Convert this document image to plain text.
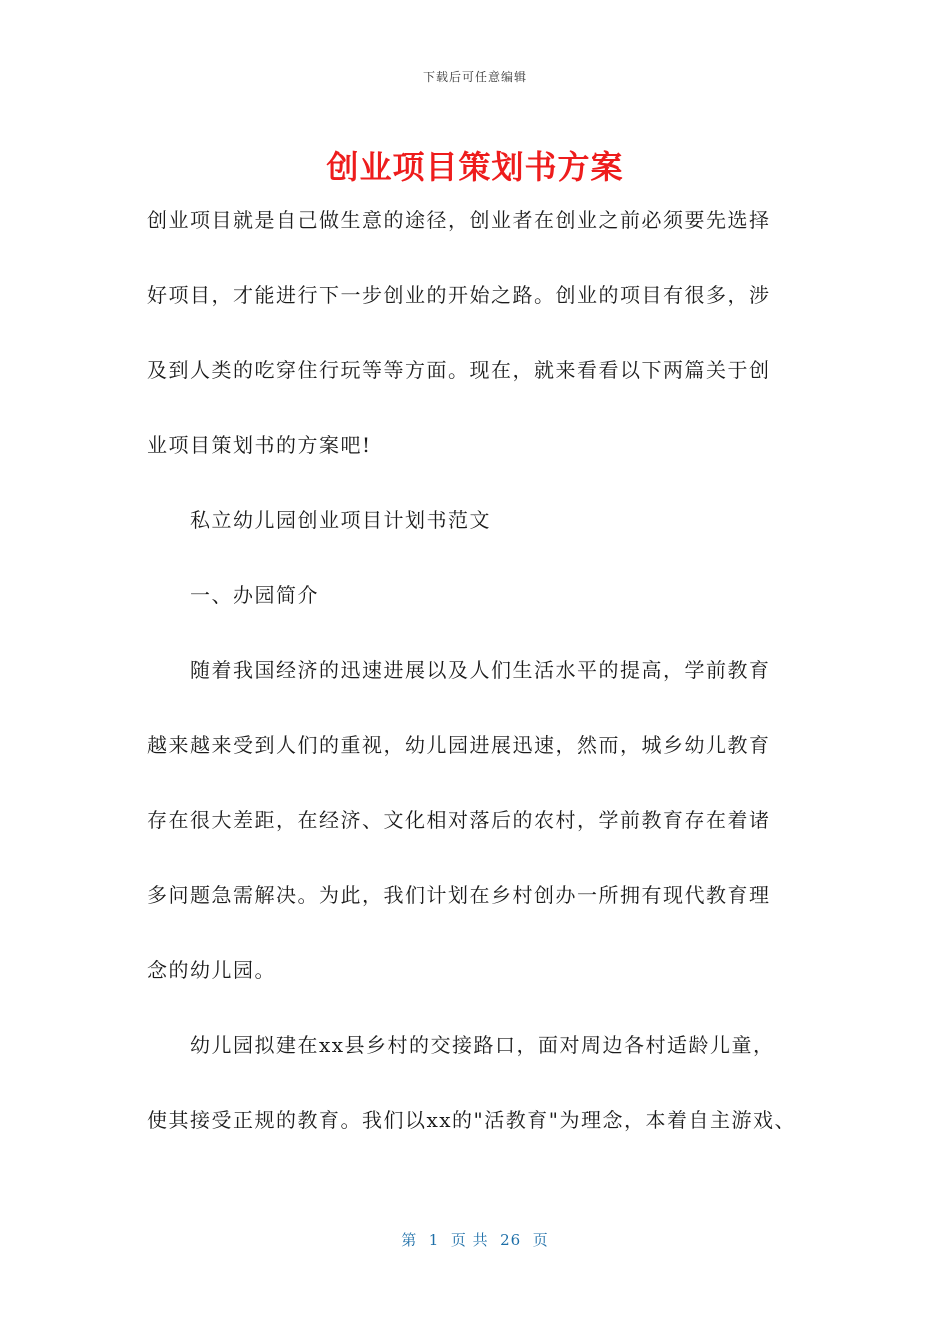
下载后可任意编辑
创业项目策划书方案
创业项目就是自己做生意的途径，创业者在创业之前必须要先选择
好项目，才能进行下一步创业的开始之路。创业的项目有很多，涉
及到人类的吃穿住行玩等等方面。现在，就来看看以下两篇关于创
业项目策划书的方案吧!
私立幼儿园创业项目计划书范文
一、办园简介
随着我国经济的迅速进展以及人们生活水平的提高，学前教育
越来越来受到人们的重视，幼儿园进展迅速，然而，城乡幼儿教育
存在很大差距，在经济、文化相对落后的农村，学前教育存在着诸
多问题急需解决。为此，我们计划在乡村创办一所拥有现代教育理
念的幼儿园。
幼儿园拟建在xx县乡村的交接路口，面对周边各村适龄儿童，
使其接受正规的教育。我们以xx的"活教育"为理念，本着自主游戏、
第  1  页 共  26  页
